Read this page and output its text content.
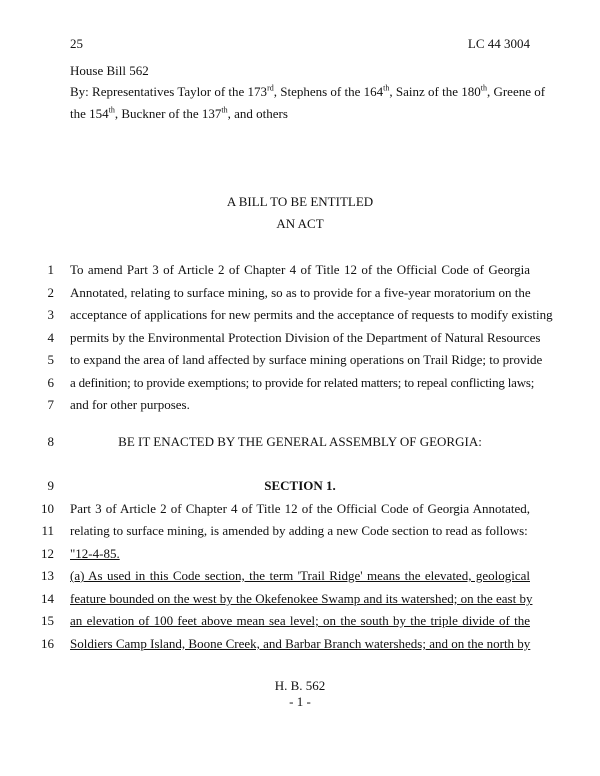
25	LC 44 3004
House Bill 562
By: Representatives Taylor of the 173rd, Stephens of the 164th, Sainz of the 180th, Greene of
the 154th, Buckner of the 137th, and others
A BILL TO BE ENTITLED
AN ACT
1 To amend Part 3 of Article 2 of Chapter 4 of Title 12 of the Official Code of Georgia
2 Annotated, relating to surface mining, so as to provide for a five-year moratorium on the
3 acceptance of applications for new permits and the acceptance of requests to modify existing
4 permits by the Environmental Protection Division of the Department of Natural Resources
5 to expand the area of land affected by surface mining operations on Trail Ridge; to provide
6 a definition; to provide exemptions; to provide for related matters; to repeal conflicting laws;
7 and for other purposes.
8	BE IT ENACTED BY THE GENERAL ASSEMBLY OF GEORGIA:
9	SECTION 1.
10 Part 3 of Article 2 of Chapter 4 of Title 12 of the Official Code of Georgia Annotated,
11 relating to surface mining, is amended by adding a new Code section to read as follows:
12 "12-4-85.
13 (a) As used in this Code section, the term 'Trail Ridge' means the elevated, geological
14 feature bounded on the west by the Okefenokee Swamp and its watershed; on the east by
15 an elevation of 100 feet above mean sea level; on the south by the triple divide of the
16 Soldiers Camp Island, Boone Creek, and Barbar Branch watersheds; and on the north by
H. B. 562
- 1 -
